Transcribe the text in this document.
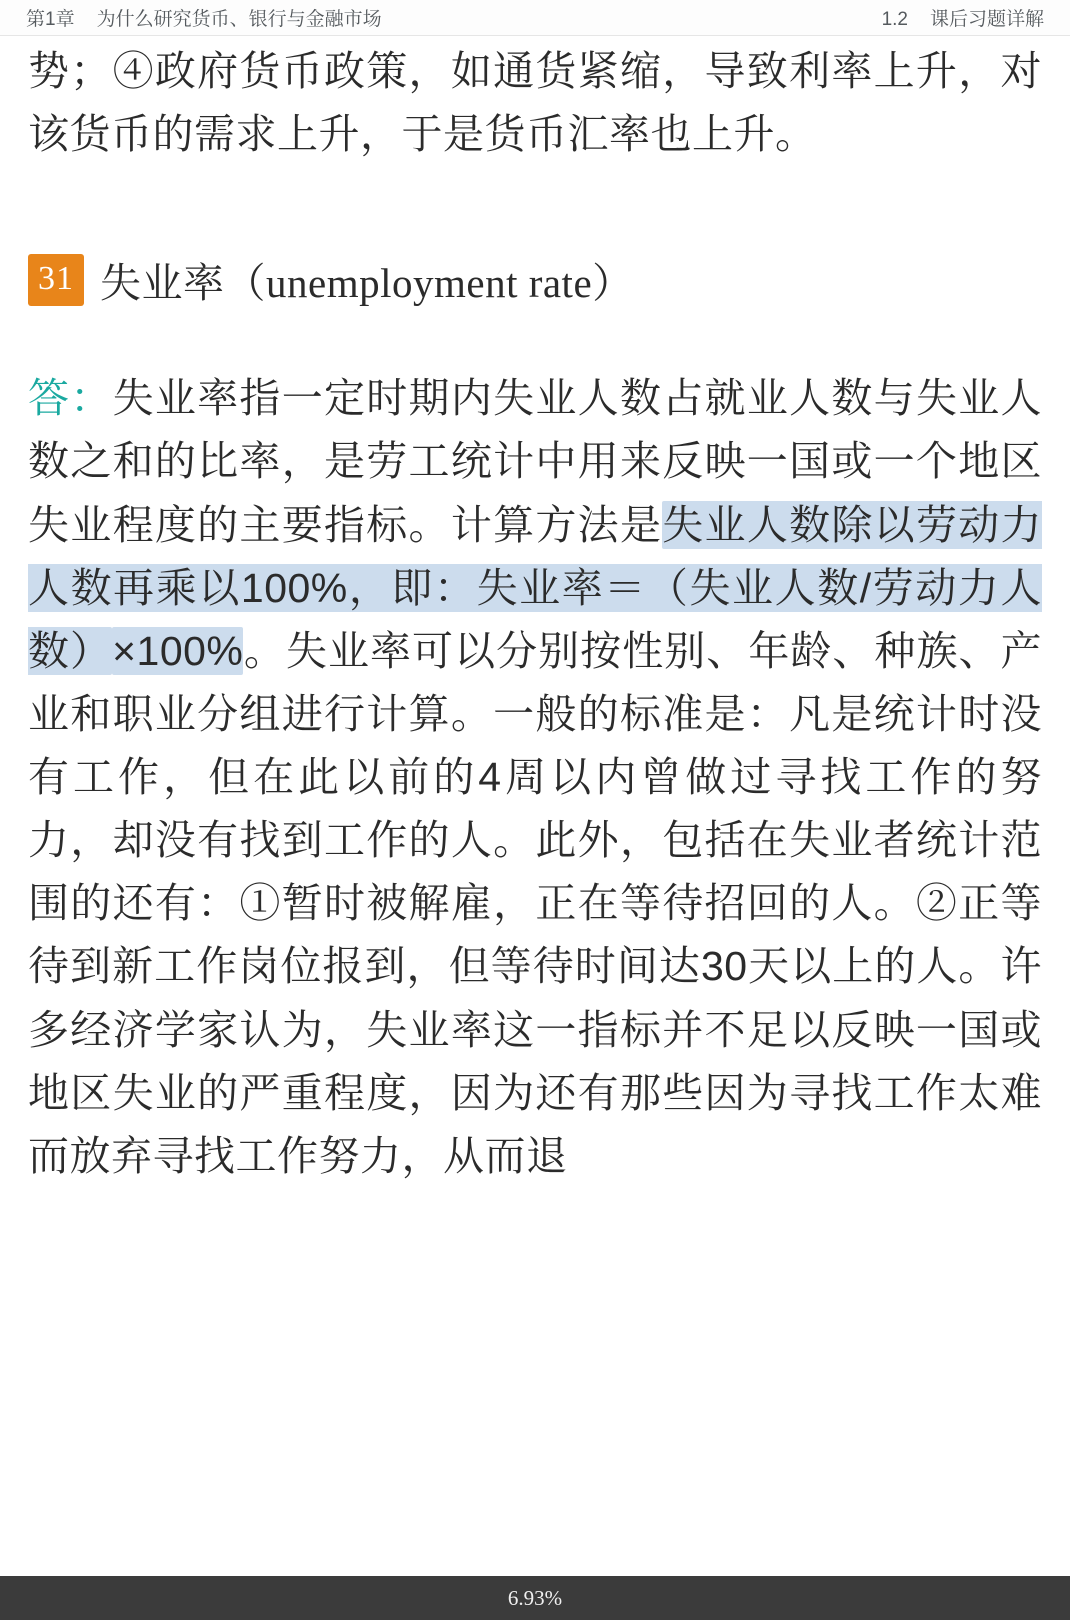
第1章 为什么研究货币、银行与金融市场	1.2 课后习题详解

势；④政府货币政策，如通货紧缩，导致利率上升，对该货币的需求上升，于是货币汇率也上升。

31 失业率（unemployment rate）
答：失业率指一定时期内失业人数占就业人数与失业人数之和的比率，是劳工统计中用来反映一国或一个地区失业程度的主要指标。计算方法是失业人数除以劳动力人数再乘以100%，即：失业率＝（失业人数/劳动力人数）×100%。失业率可以分别按性别、年龄、种族、产业和职业分组进行计算。一般的标准是：凡是统计时没有工作，但在此以前的4周以内曾做过寻找工作的努力，却没有找到工作的人。此外，包括在失业者统计范围的还有：①暂时被解雇，正在等待招回的人。②正等待到新工作岗位报到，但等待时间达30天以上的人。许多经济学家认为，失业率这一指标并不足以反映一国或地区失业的严重程度，因为还有那些因为寻找工作太难而放弃寻找工作努力，从而退
6.93%
